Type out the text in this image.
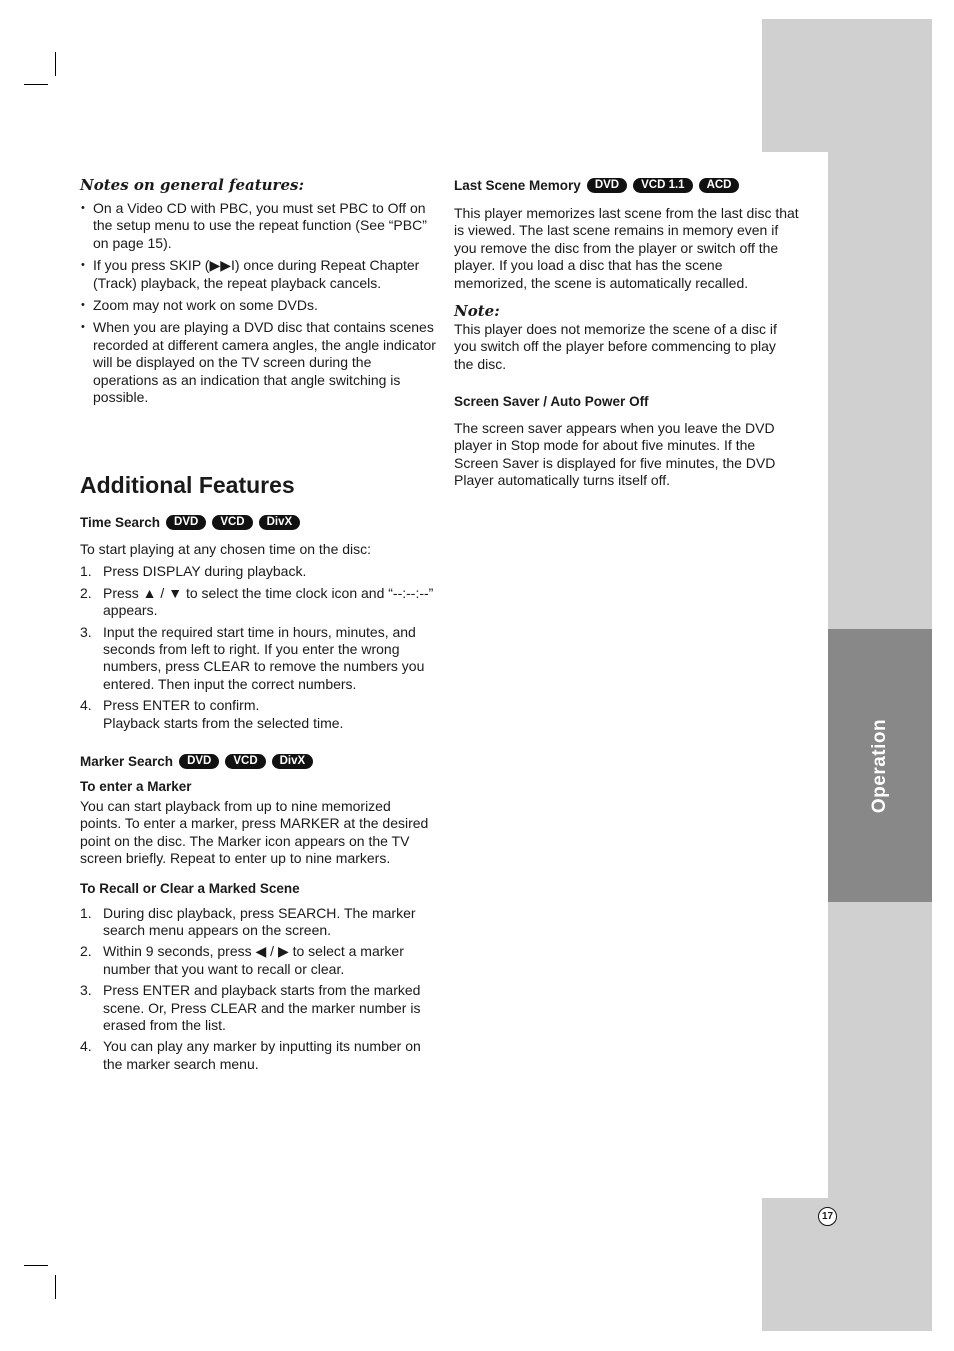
Operation
17
Notes on general features:
• On a Video CD with PBC, you must set PBC to Off on the setup menu to use the repeat function (See “PBC” on page 15).
• If you press SKIP (▶▶I) once during Repeat Chapter (Track) playback, the repeat playback cancels.
• Zoom may not work on some DVDs.
• When you are playing a DVD disc that contains scenes recorded at different camera angles, the angle indicator will be displayed on the TV screen during the operations as an indication that angle switching is possible.
Additional Features
Time Search	DVD	VCD	DivX

To start playing at any chosen time on the disc:

1. Press DISPLAY during playback.
2. Press ▲ / ▼ to select the time clock icon and “--:--:--” appears.
3. Input the required start time in hours, minutes, and seconds from left to right. If you enter the wrong numbers, press CLEAR to remove the numbers you entered. Then input the correct numbers.
4. Press ENTER to confirm.
Playback starts from the selected time.
Marker Search	DVD	VCD	DivX
To enter a Marker

You can start playback from up to nine memorized points. To enter a marker, press MARKER at the desired point on the disc. The Marker icon appears on the TV screen briefly. Repeat to enter up to nine markers.

To Recall or Clear a Marked Scene
1. During disc playback, press SEARCH. The marker search menu appears on the screen.
2. Within 9 seconds, press ◀ / ▶ to select a marker number that you want to recall or clear.
3. Press ENTER and playback starts from the marked scene. Or, Press CLEAR and the marker number is erased from the list.
4. You can play any marker by inputting its number on the marker search menu.
Last Scene Memory	DVD	VCD 1.1	ACD

This player memorizes last scene from the last disc that is viewed. The last scene remains in memory even if you remove the disc from the player or switch off the player. If you load a disc that has the scene memorized, the scene is automatically recalled.

Note:

This player does not memorize the scene of a disc if you switch off the player before commencing to play the disc.

Screen Saver / Auto Power Off

The screen saver appears when you leave the DVD player in Stop mode for about five minutes. If the Screen Saver is displayed for five minutes, the DVD Player automatically turns itself off.
